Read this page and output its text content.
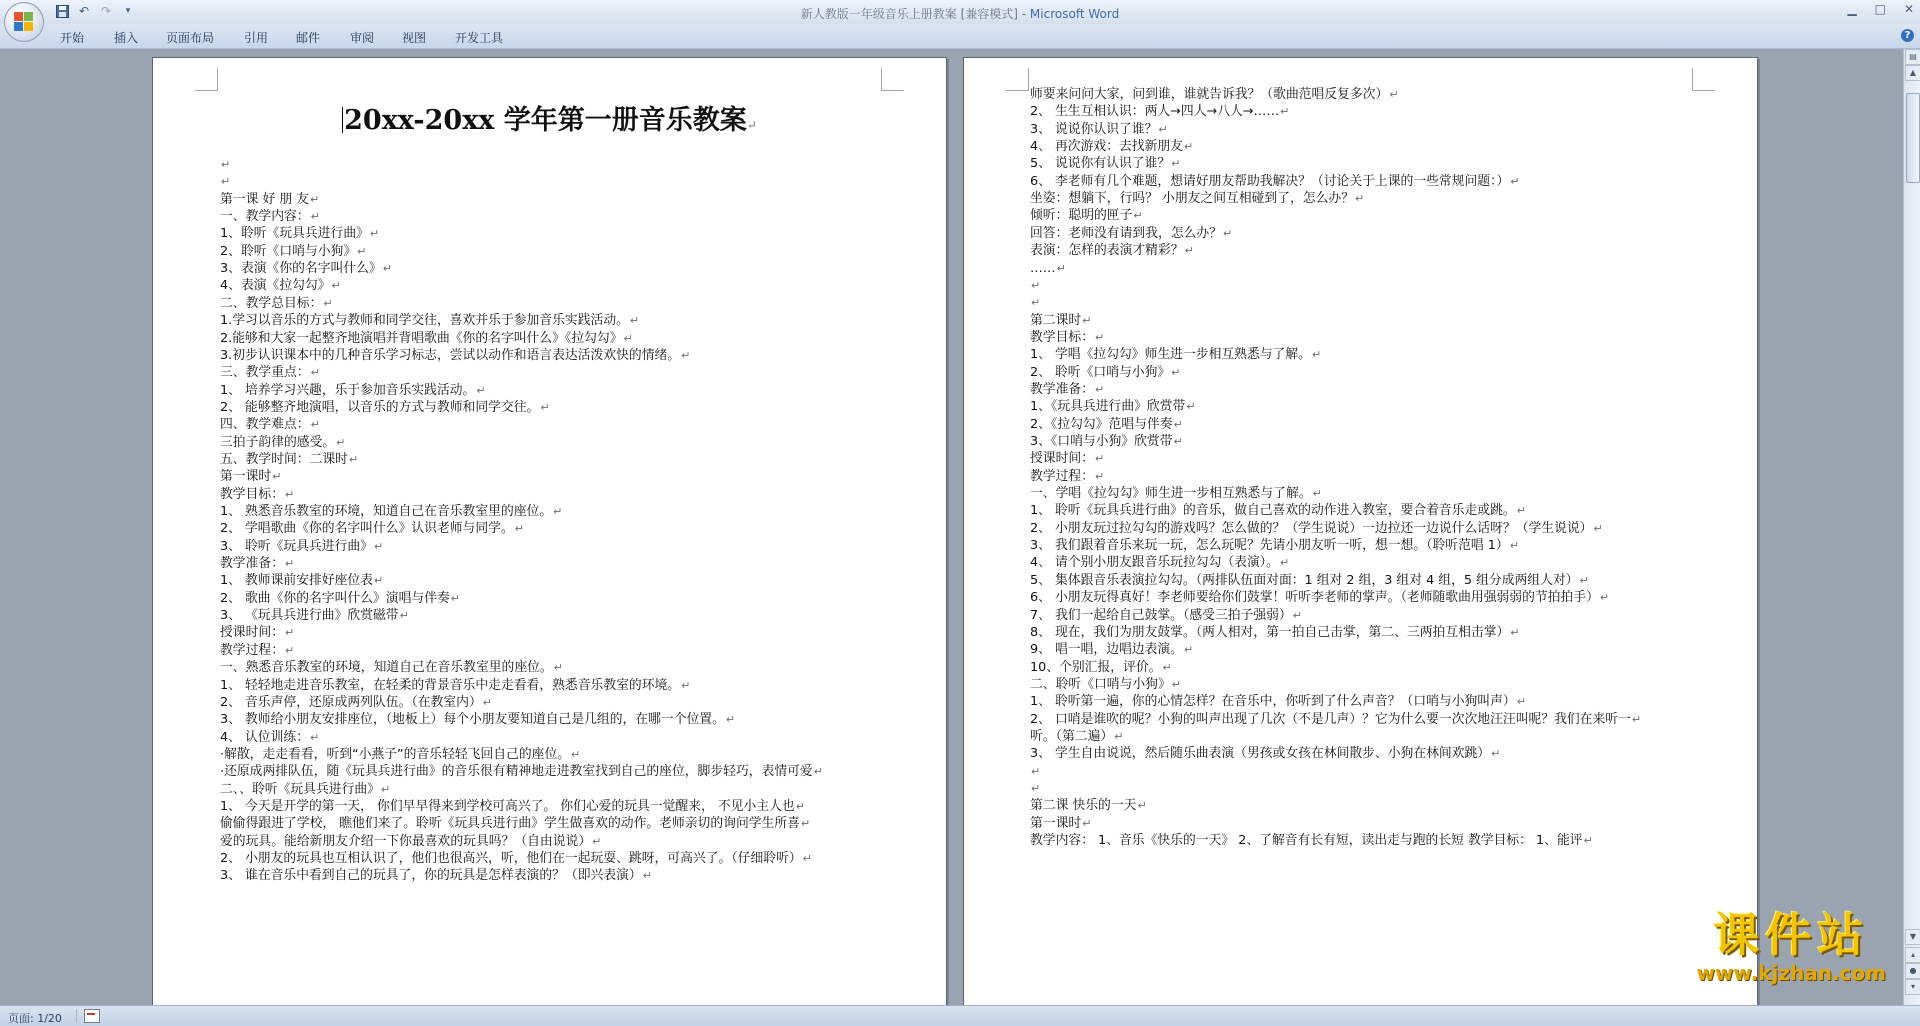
↶ ↷	▾	新人教版一年级音乐上册教案 [兼容模式] - Microsoft Word	▁ □ ✕
开始 插入 页面布局 引用 邮件 审阅 视图 开发工具	?
20xx-20xx 学年第一册音乐教案↵
↵
↵
第一课 好 朋 友↵
一、教学内容：↵
1、聆听《玩具兵进行曲》↵
2、聆听《口哨与小狗》↵
3、表演《你的名字叫什么》↵
4、表演《拉勾勾》↵
二、教学总目标：↵
1.学习以音乐的方式与教师和同学交往，喜欢并乐于参加音乐实践活动。↵
2.能够和大家一起整齐地演唱并背唱歌曲《你的名字叫什么》《拉勾勾》↵
3.初步认识课本中的几种音乐学习标志，尝试以动作和语言表达活泼欢快的情绪。↵
三、教学重点：↵
1、 培养学习兴趣，乐于参加音乐实践活动。↵
2、 能够整齐地演唱，以音乐的方式与教师和同学交往。↵
四、教学难点：↵
三拍子韵律的感受。↵
五、教学时间：二课时↵
第一课时↵
教学目标：↵
1、 熟悉音乐教室的环境，知道自己在音乐教室里的座位。↵
2、 学唱歌曲《你的名字叫什么》认识老师与同学。↵
3、 聆听《玩具兵进行曲》↵
教学准备：↵
1、 教师课前安排好座位表↵
2、 歌曲《你的名字叫什么》演唱与伴奏↵
3、 《玩具兵进行曲》欣赏磁带↵
授课时间：↵
教学过程：↵
一、熟悉音乐教室的环境，知道自己在音乐教室里的座位。↵
1、 轻轻地走进音乐教室，在轻柔的背景音乐中走走看看，熟悉音乐教室的环境。↵
2、 音乐声停，还原成两列队伍。（在教室内）↵
3、 教师给小朋友安排座位，（地板上）每个小朋友要知道自己是几组的，在哪一个位置。↵
4、 认位训练：↵
·解散，走走看看，听到“小燕子”的音乐轻轻飞回自己的座位。↵
·还原成两排队伍，随《玩具兵进行曲》的音乐很有精神地走进教室找到自己的座位，脚步轻巧，表情可爱↵
二、、聆听《玩具兵进行曲》↵
1、 今天是开学的第一天， 你们早早得来到学校可高兴了。 你们心爱的玩具一觉醒来， 不见小主人也↵
偷偷得跟进了学校， 瞧他们来了。聆听《玩具兵进行曲》学生做喜欢的动作。老师亲切的询问学生所喜↵
爱的玩具。能给新朋友介绍一下你最喜欢的玩具吗？（自由说说）↵
2、 小朋友的玩具也互相认识了，他们也很高兴，听，他们在一起玩耍、跳呀，可高兴了。（仔细聆听）↵
3、 谁在音乐中看到自己的玩具了，你的玩具是怎样表演的？（即兴表演）↵
师要来问问大家，问到谁，谁就告诉我？（歌曲范唱反复多次）↵
2、 生生互相认识：两人→四人→八人→……↵
3、 说说你认识了谁？↵
4、 再次游戏：去找新朋友↵
5、 说说你有认识了谁？↵
6、 李老师有几个难题，想请好朋友帮助我解决？（讨论关于上课的一些常规问题：）↵
坐姿：想躺下，行吗？ 小朋友之间互相碰到了，怎么办？↵
倾听：聪明的匣子↵
回答：老师没有请到我，怎么办？↵
表演：怎样的表演才精彩？↵
……↵
↵
↵
第二课时↵
教学目标：↵
1、 学唱《拉勾勾》师生进一步相互熟悉与了解。↵
2、 聆听《口哨与小狗》↵
教学准备：↵
1、《玩具兵进行曲》欣赏带↵
2、《拉勾勾》范唱与伴奏↵
3、《口哨与小狗》欣赏带↵
授课时间：↵
教学过程：↵
一、学唱《拉勾勾》师生进一步相互熟悉与了解。↵
1、 聆听《玩具兵进行曲》的音乐，做自己喜欢的动作进入教室，要合着音乐走或跳。↵
2、 小朋友玩过拉勾勾的游戏吗？怎么做的？（学生说说）一边拉还一边说什么话呀？（学生说说）↵
3、 我们跟着音乐来玩一玩，怎么玩呢？先请小朋友听一听，想一想。（聆听范唱 1）↵
4、 请个别小朋友跟音乐玩拉勾勾（表演）。↵
5、 集体跟音乐表演拉勾勾。（两排队伍面对面：1 组对 2 组，3 组对 4 组，5 组分成两组人对）↵
6、 小朋友玩得真好！李老师要给你们鼓掌！听听李老师的掌声。（老师随歌曲用强弱弱的节拍拍手）↵
7、 我们一起给自己鼓掌。（感受三拍子强弱）↵
8、 现在，我们为朋友鼓掌。（两人相对，第一拍自己击掌，第二、三两拍互相击掌）↵
9、 唱一唱，边唱边表演。↵
10、个别汇报，评价。↵
二、聆听《口哨与小狗》↵
1、 聆听第一遍，你的心情怎样？在音乐中，你听到了什么声音？（口哨与小狗叫声）↵
2、 口哨是谁吹的呢？小狗的叫声出现了几次（不是几声）？它为什么要一次次地汪汪叫呢？我们在来听一↵
听。（第二遍）↵
3、 学生自由说说，然后随乐曲表演（男孩或女孩在林间散步、小狗在林间欢跳）↵
↵
↵
第二课 快乐的一天↵
第一课时↵
教学内容： 1、音乐《快乐的一天》 2、了解音有长有短，读出走与跑的长短 教学目标： 1、能评↵
课件站
www.kjzhan.com
▤
▲
▼
▴
●
▾
页面: 1/20
